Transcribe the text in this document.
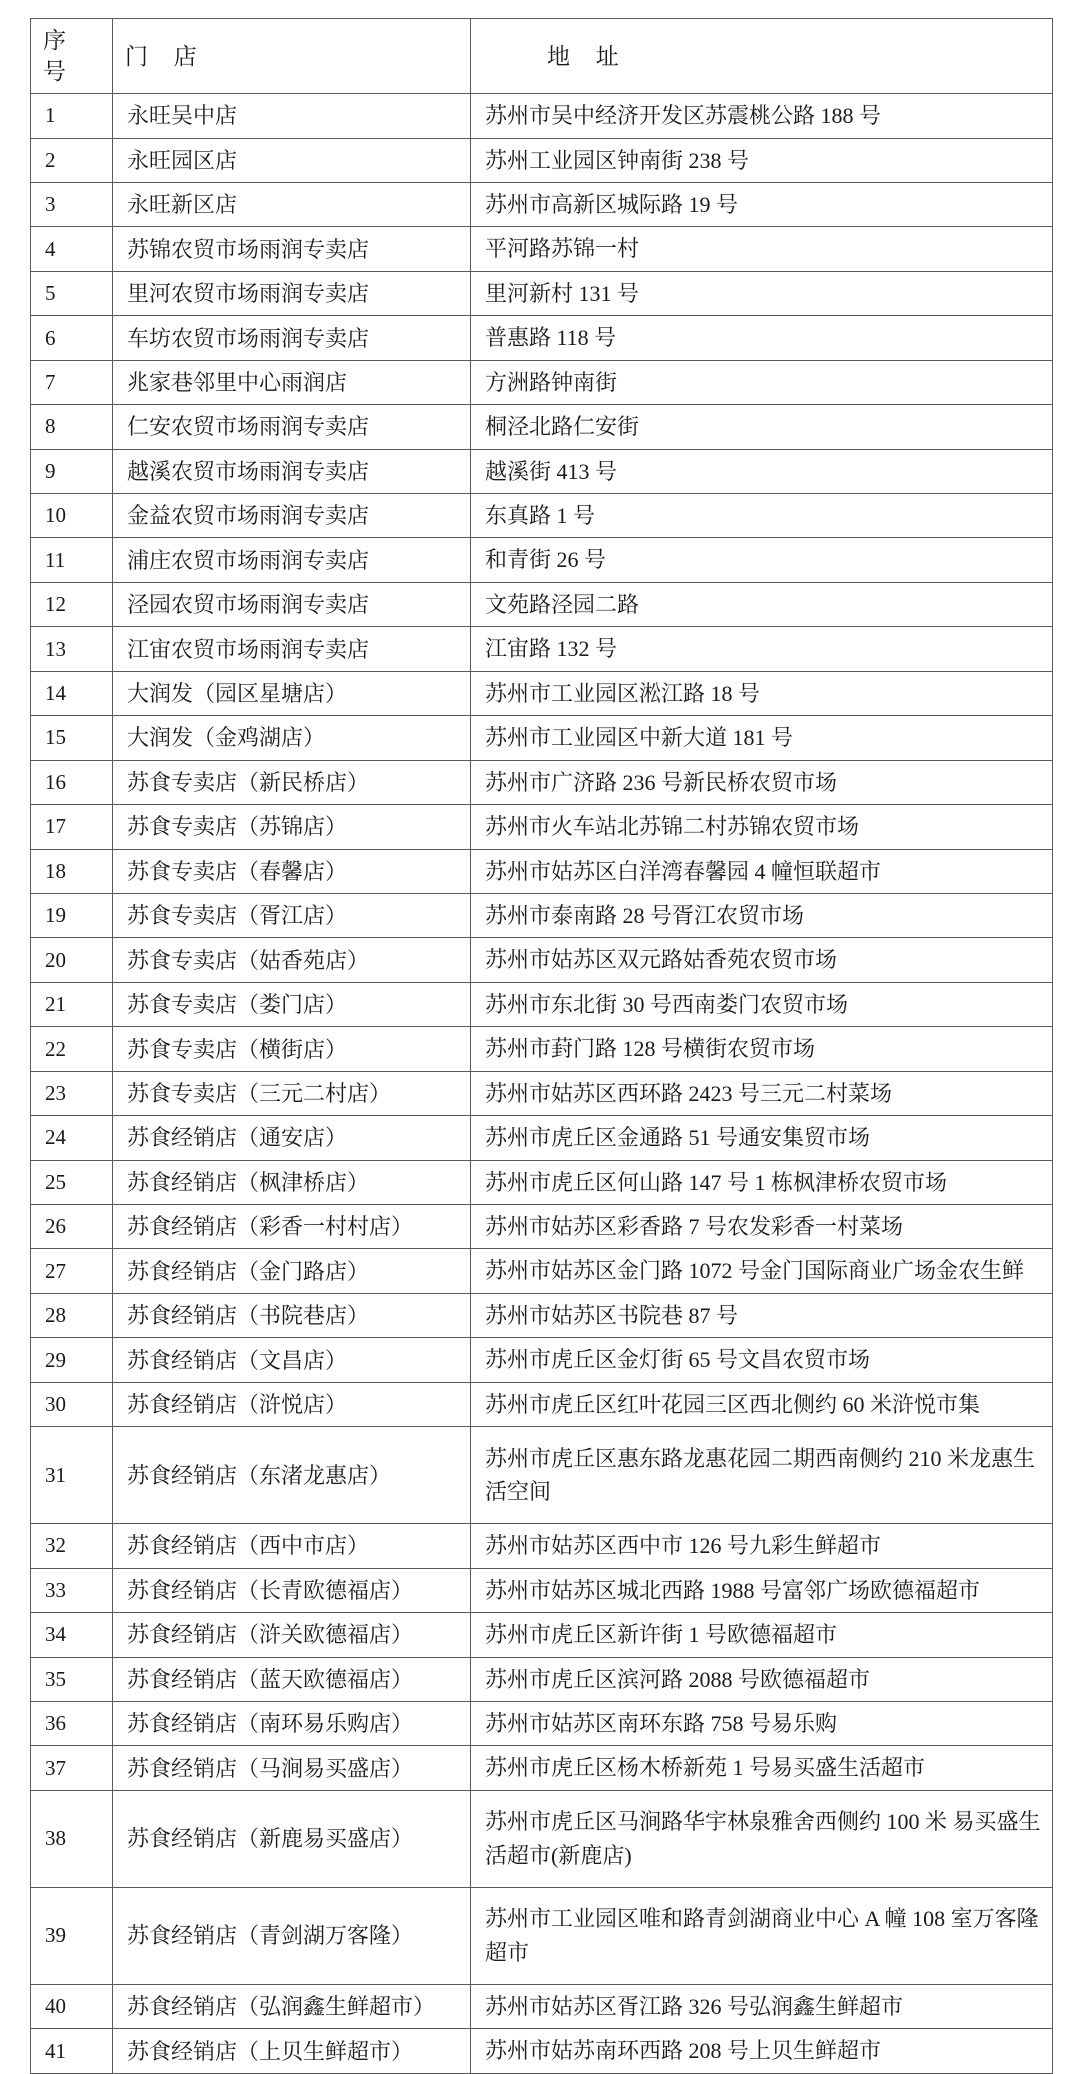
序 号	门 店	地 址
1	永旺吴中店	苏州市吴中经济开发区苏震桃公路 188 号

2	永旺园区店	苏州工业园区钟南街 238 号

3	永旺新区店	苏州市高新区城际路 19 号

4	苏锦农贸市场雨润专卖店	平河路苏锦一村

5	里河农贸市场雨润专卖店	里河新村 131 号

6	车坊农贸市场雨润专卖店	普惠路 118 号

7	兆家巷邻里中心雨润店	方洲路钟南街

8	仁安农贸市场雨润专卖店	桐泾北路仁安街

9	越溪农贸市场雨润专卖店	越溪街 413 号

10	金益农贸市场雨润专卖店	东真路 1 号

11	浦庄农贸市场雨润专卖店	和青街 26 号

12	泾园农贸市场雨润专卖店	文苑路泾园二路

13	江宙农贸市场雨润专卖店	江宙路 132 号

14	大润发（园区星塘店）	苏州市工业园区淞江路 18 号

15	大润发（金鸡湖店）	苏州市工业园区中新大道 181 号

16	苏食专卖店（新民桥店）	苏州市广济路 236 号新民桥农贸市场

17	苏食专卖店（苏锦店）	苏州市火车站北苏锦二村苏锦农贸市场

18	苏食专卖店（春馨店）	苏州市姑苏区白洋湾春馨园 4 幢恒联超市

19	苏食专卖店（胥江店）	苏州市泰南路 28 号胥江农贸市场

20	苏食专卖店（姑香苑店）	苏州市姑苏区双元路姑香苑农贸市场

21	苏食专卖店（娄门店）	苏州市东北街 30 号西南娄门农贸市场

22	苏食专卖店（横街店）	苏州市葑门路 128 号横街农贸市场

23	苏食专卖店（三元二村店）	苏州市姑苏区西环路 2423 号三元二村菜场

24	苏食经销店（通安店）	苏州市虎丘区金通路 51 号通安集贸市场

25	苏食经销店（枫津桥店）	苏州市虎丘区何山路 147 号 1 栋枫津桥农贸市场

26	苏食经销店（彩香一村村店）	苏州市姑苏区彩香路 7 号农发彩香一村菜场

27	苏食经销店（金门路店）	苏州市姑苏区金门路 1072 号金门国际商业广场金农生鲜

28	苏食经销店（书院巷店）	苏州市姑苏区书院巷 87 号

29	苏食经销店（文昌店）	苏州市虎丘区金灯街 65 号文昌农贸市场

30	苏食经销店（浒悦店）	苏州市虎丘区红叶花园三区西北侧约 60 米浒悦市集

31	苏食经销店（东渚龙惠店）	苏州市虎丘区惠东路龙惠花园二期西南侧约 210 米龙惠生活空间

32	苏食经销店（西中市店）	苏州市姑苏区西中市 126 号九彩生鲜超市

33	苏食经销店（长青欧德福店）	苏州市姑苏区城北西路 1988 号富邻广场欧德福超市

34	苏食经销店（浒关欧德福店）	苏州市虎丘区新许街 1 号欧德福超市

35	苏食经销店（蓝天欧德福店）	苏州市虎丘区滨河路 2088 号欧德福超市

36	苏食经销店（南环易乐购店）	苏州市姑苏区南环东路 758 号易乐购

37	苏食经销店（马涧易买盛店）	苏州市虎丘区杨木桥新苑 1 号易买盛生活超市

38	苏食经销店（新鹿易买盛店）	苏州市虎丘区马涧路华宇林泉雅舍西侧约 100 米 易买盛生活超市(新鹿店)

39	苏食经销店（青剑湖万客隆）	苏州市工业园区唯和路青剑湖商业中心 A 幢 108 室万客隆超市

40	苏食经销店（弘润鑫生鲜超市）	苏州市姑苏区胥江路 326 号弘润鑫生鲜超市

41	苏食经销店（上贝生鲜超市）	苏州市姑苏南环西路 208 号上贝生鲜超市
